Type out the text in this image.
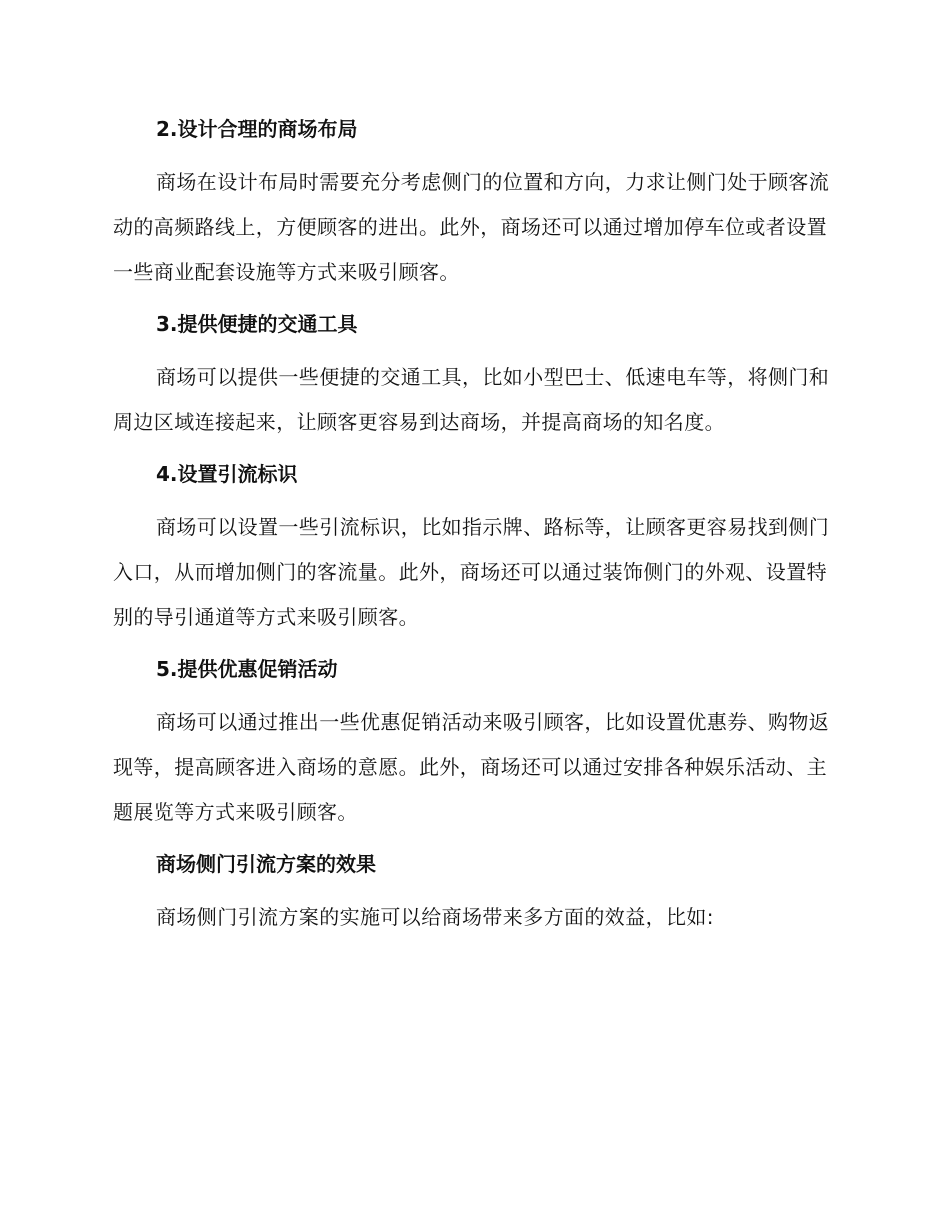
2.设计合理的商场布局

商场在设计布局时需要充分考虑侧门的位置和方向，力求让侧门处于顾客流动的高频路线上，方便顾客的进出。此外，商场还可以通过增加停车位或者设置一些商业配套设施等方式来吸引顾客。

3.提供便捷的交通工具

商场可以提供一些便捷的交通工具，比如小型巴士、低速电车等，将侧门和周边区域连接起来，让顾客更容易到达商场，并提高商场的知名度。

4.设置引流标识

商场可以设置一些引流标识，比如指示牌、路标等，让顾客更容易找到侧门入口，从而增加侧门的客流量。此外，商场还可以通过装饰侧门的外观、设置特别的导引通道等方式来吸引顾客。

5.提供优惠促销活动

商场可以通过推出一些优惠促销活动来吸引顾客，比如设置优惠券、购物返现等，提高顾客进入商场的意愿。此外，商场还可以通过安排各种娱乐活动、主题展览等方式来吸引顾客。

商场侧门引流方案的效果

商场侧门引流方案的实施可以给商场带来多方面的效益，比如:
